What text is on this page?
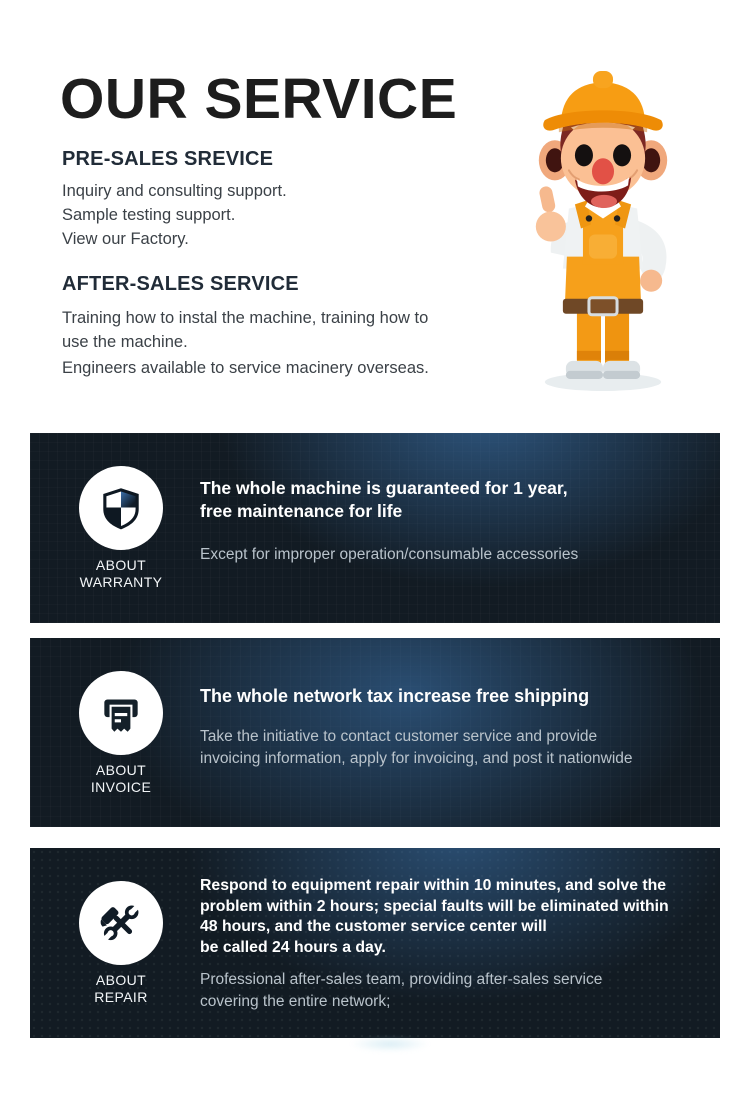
OUR SERVICE
PRE-SALES SREVICE
Inquiry and consulting support.
Sample testing support.
View our Factory.
AFTER-SALES SERVICE
Training how to instal the machine, training how to
use the machine.
Engineers available to service macinery overseas.
ABOUT
WARRANTY
The whole machine is guaranteed for 1 year,
free maintenance for life
Except for improper operation/consumable accessories
ABOUT
INVOICE
The whole network tax increase free shipping
Take the initiative to contact customer service and provide
invoicing information, apply for invoicing, and post it nationwide
ABOUT
REPAIR
Respond to equipment repair within 10 minutes, and solve the
problem within 2 hours; special faults will be eliminated within
48 hours, and the customer service center will
be called 24 hours a day.
Professional after-sales team, providing after-sales service
covering the entire network;
